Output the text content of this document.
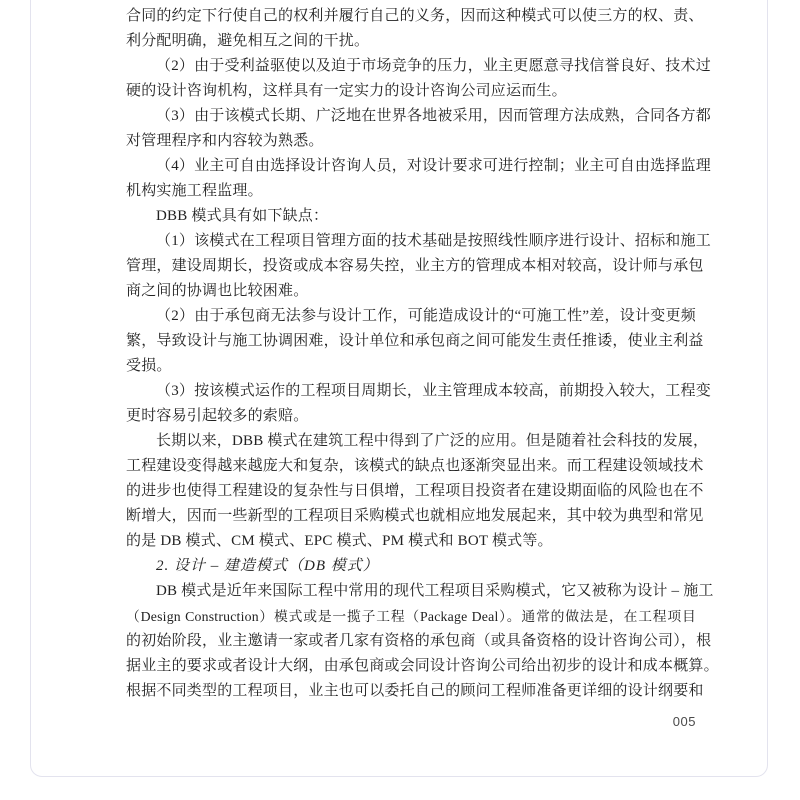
合同的约定下行使自己的权利并履行自己的义务，因而这种模式可以使三方的权、责、
利分配明确，避免相互之间的干扰。
（2）由于受利益驱使以及迫于市场竞争的压力，业主更愿意寻找信誉良好、技术过
硬的设计咨询机构，这样具有一定实力的设计咨询公司应运而生。
（3）由于该模式长期、广泛地在世界各地被采用，因而管理方法成熟，合同各方都
对管理程序和内容较为熟悉。
（4）业主可自由选择设计咨询人员，对设计要求可进行控制；业主可自由选择监理
机构实施工程监理。
DBB 模式具有如下缺点：
（1）该模式在工程项目管理方面的技术基础是按照线性顺序进行设计、招标和施工
管理，建设周期长，投资或成本容易失控，业主方的管理成本相对较高，设计师与承包
商之间的协调也比较困难。
（2）由于承包商无法参与设计工作，可能造成设计的“可施工性”差，设计变更频
繁，导致设计与施工协调困难，设计单位和承包商之间可能发生责任推诿，使业主利益
受损。
（3）按该模式运作的工程项目周期长，业主管理成本较高，前期投入较大，工程变
更时容易引起较多的索赔。
长期以来，DBB 模式在建筑工程中得到了广泛的应用。但是随着社会科技的发展，
工程建设变得越来越庞大和复杂，该模式的缺点也逐渐突显出来。而工程建设领域技术
的进步也使得工程建设的复杂性与日俱增，工程项目投资者在建设期面临的风险也在不
断增大，因而一些新型的工程项目采购模式也就相应地发展起来，其中较为典型和常见
的是 DB 模式、CM 模式、EPC 模式、PM 模式和 BOT 模式等。
2. 设计 – 建造模式（DB 模式）
DB 模式是近年来国际工程中常用的现代工程项目采购模式，它又被称为设计 – 施工
（Design Construction）模式或是一揽子工程（Package Deal）。通常的做法是，在工程项目
的初始阶段，业主邀请一家或者几家有资格的承包商（或具备资格的设计咨询公司），根
据业主的要求或者设计大纲，由承包商或会同设计咨询公司给出初步的设计和成本概算。
根据不同类型的工程项目，业主也可以委托自己的顾问工程师准备更详细的设计纲要和
005
